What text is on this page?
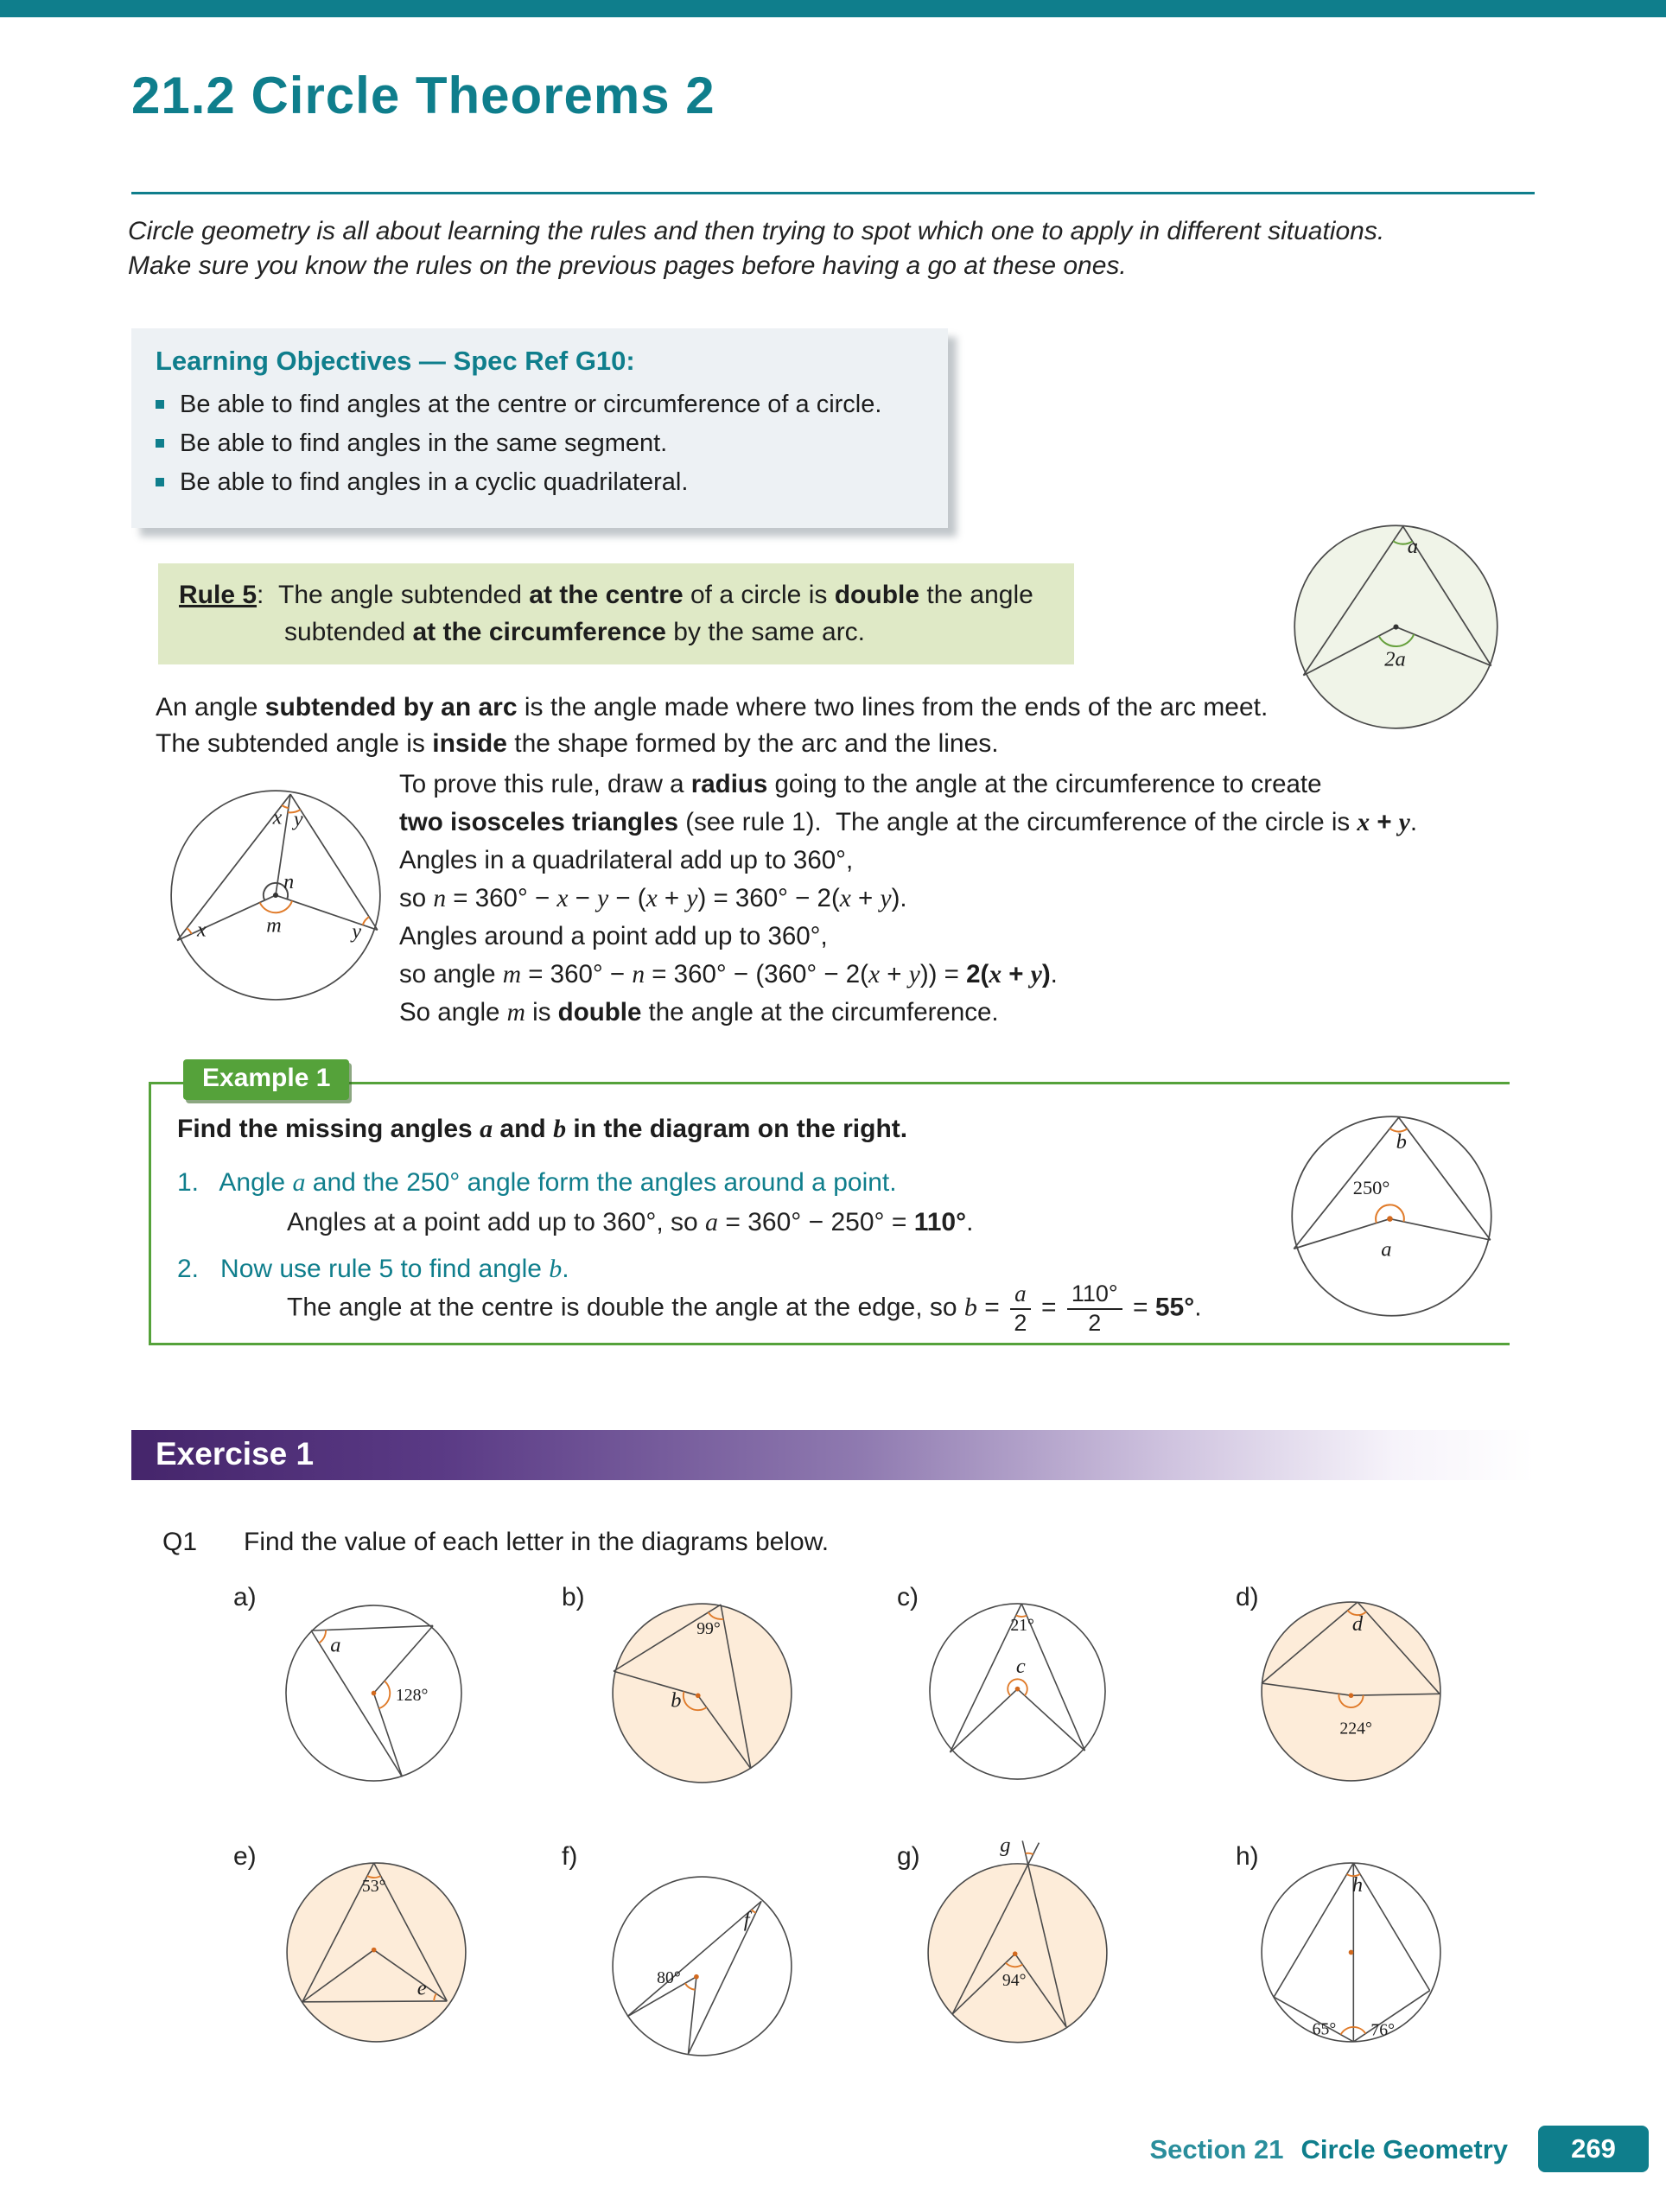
21.2 Circle Theorems 2
Circle geometry is all about learning the rules and then trying to spot which one to apply in different situations. Make sure you know the rules on the previous pages before having a go at these ones.
Learning Objectives — Spec Ref G10:
Be able to find angles at the centre or circumference of a circle.
Be able to find angles in the same segment.
Be able to find angles in a cyclic quadrilateral.
Rule 5:  The angle subtended at the centre of a circle is double the angle subtended at the circumference by the same arc.
a
2a
An angle subtended by an arc is the angle made where two lines from the ends of the arc meet. The subtended angle is inside the shape formed by the arc and the lines.
x y
n
m
x	y
To prove this rule, draw a radius going to the angle at the circumference to create
two isosceles triangles (see rule 1).  The angle at the circumference of the circle is x + y.
Angles in a quadrilateral add up to 360°,
so n = 360° − x − y − (x + y) = 360° − 2(x + y).
Angles around a point add up to 360°,
so angle m = 360° − n = 360° − (360° − 2(x + y)) = 2(x + y).
So angle m is double the angle at the circumference.
Example 1
Find the missing angles a and b in the diagram on the right.
1.   Angle a and the 250° angle form the angles around a point.
Angles at a point add up to 360°, so a = 360° − 250° = 110°.
2.   Now use rule 5 to find angle b.
The angle at the centre is double the angle at the edge, so $b = \frac{a}{2} = \frac{110^\circ}{2} = 55^\circ$.
b
250°
a
Exercise 1
Q1 Find the value of each letter in the diagrams below.
a)	b)	c)	d)
a
128°
99°
b
21°
c
d
224°
e)	f)	g)	h)
53°
e	80°
f
g
94°
h
65° 76°
Section 21 Circle Geometry	269
